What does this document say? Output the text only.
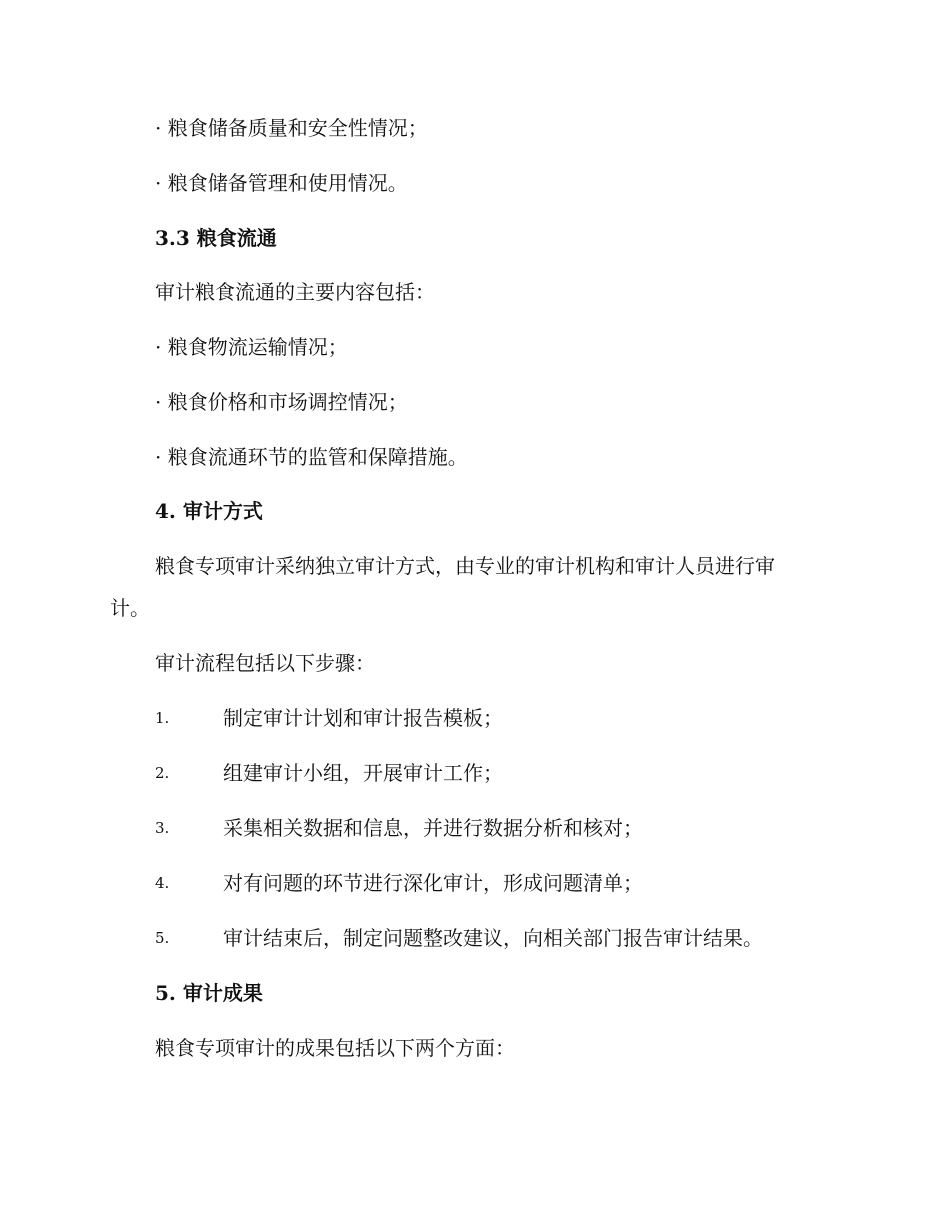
· 粮食储备质量和安全性情况；
· 粮食储备管理和使用情况。
3.3 粮食流通
审计粮食流通的主要内容包括：
· 粮食物流运输情况；
· 粮食价格和市场调控情况；
· 粮食流通环节的监管和保障措施。
4. 审计方式
粮食专项审计采纳独立审计方式，由专业的审计机构和审计人员进行审
计。
审计流程包括以下步骤：
1.	制定审计计划和审计报告模板；
2.	组建审计小组，开展审计工作；
3.	采集相关数据和信息，并进行数据分析和核对；
4.	对有问题的环节进行深化审计，形成问题清单；
5.	审计结束后，制定问题整改建议，向相关部门报告审计结果。
5. 审计成果
粮食专项审计的成果包括以下两个方面：
